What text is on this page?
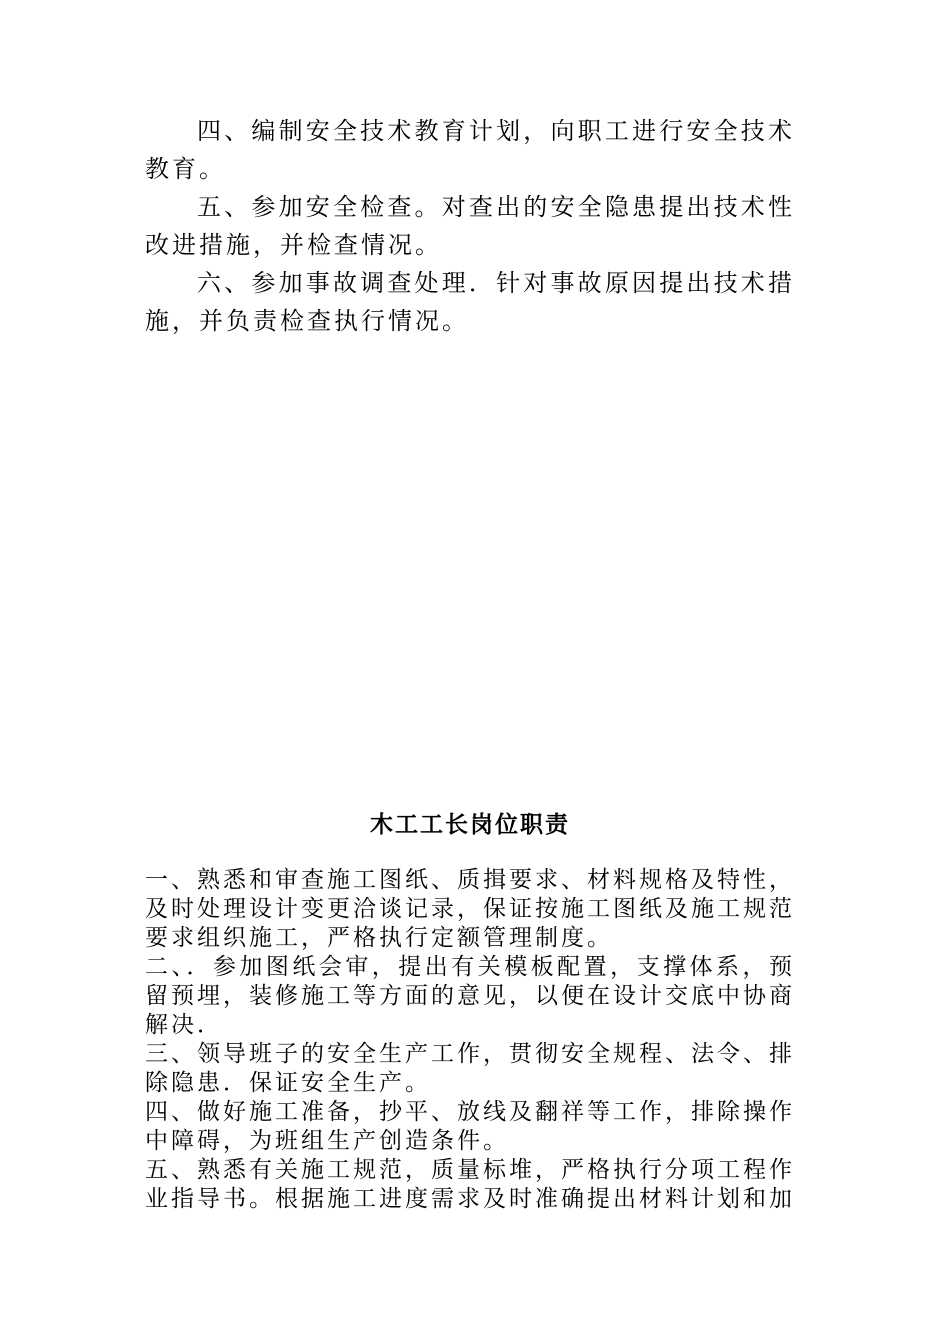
四、编制安全技术教育计划，向职工进行安全技术教育。

五、参加安全检查。对查出的安全隐患提出技术性改进措施，并检查情况。

六、参加事故调查处理．针对事故原因提出技术措施，并负责检查执行情况。

木工工长岗位职责

一、熟悉和审查施工图纸、质揖要求、材料规格及特性，及时处理设计变更洽谈记录，保证按施工图纸及施工规范要求组织施工，严格执行定额管理制度。

二、．参加图纸会审，提出有关模板配置，支撑体系，预留预埋，装修施工等方面的意见，以便在设计交底中协商解决．

三、领导班子的安全生产工作，贯彻安全规程、法令、排除隐患．保证安全生产。

四、做好施工准备，抄平、放线及翻祥等工作，排除操作中障碍，为班组生产创造条件。

五、熟悉有关施工规范，质量标堆，严格执行分项工程作业指导书。根据施工进度需求及时准确提出材料计划和加
